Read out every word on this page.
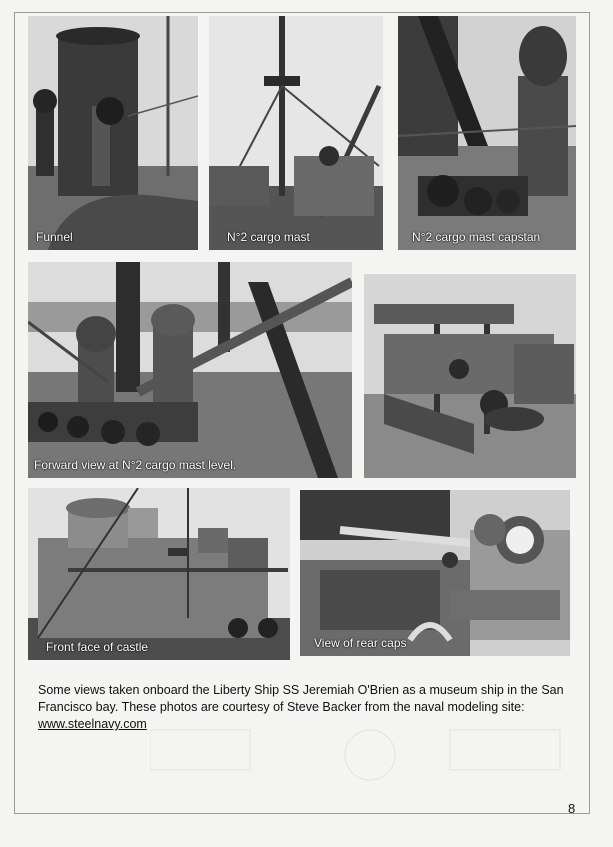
Funnel	N°2 cargo mast	N°2 cargo mast capstan
Forward view at N°2 cargo mast level.
Front face of castle	View of rear caps
Some views taken onboard the Liberty Ship SS Jeremiah O'Brien as a museum ship in the San Francisco bay. These photos are courtesy of Steve Backer from the naval modeling site: www.steelnavy.com
8
